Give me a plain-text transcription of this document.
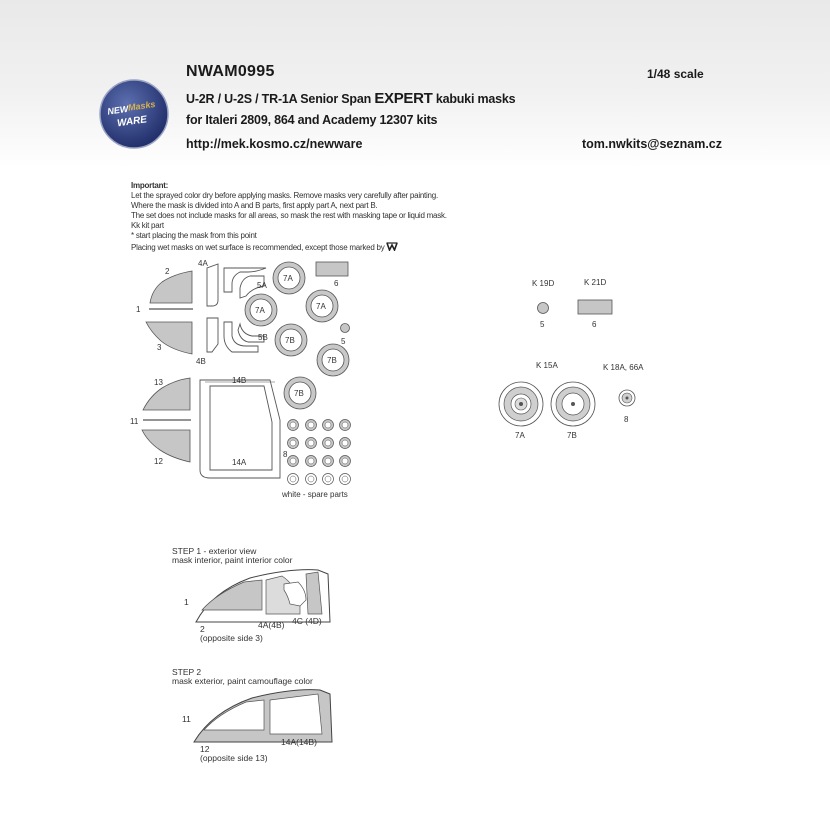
NEW
Masks
WARE
NWAM0995	1/48 scale
U-2R / U-2S / TR-1A Senior Span EXPERT kabuki masks
for Italeri 2809, 864 and Academy 12307 kits
http://mek.kosmo.cz/newware	tom.nwkits@seznam.cz
Important:
Let the sprayed color dry before applying masks. Remove masks very carefully after painting.
Where the mask is divided into A and B parts, first apply part A, next part B.
The set does not include masks for all areas, so mask the rest with masking tape or liquid mask.
Kk kit part
* start placing the mask from this point
Placing wet masks on wet surface is recommended, except those marked by
4A
2
1
3
5A
5B
4B
6
5
13
11
12
14B
14A
8
7A
7A	7A
7B
7B
7B
white - spare parts
K 19D
5
K 21D
6
K 15A
7A	7B
K 18A, 66A
8
STEP 1 - exterior view
mask interior, paint interior color
1
2
(opposite side 3)
4A(4B) 4C (4D)
STEP 2
mask exterior, paint camouflage color
11
12
(opposite side 13)
14A(14B)
